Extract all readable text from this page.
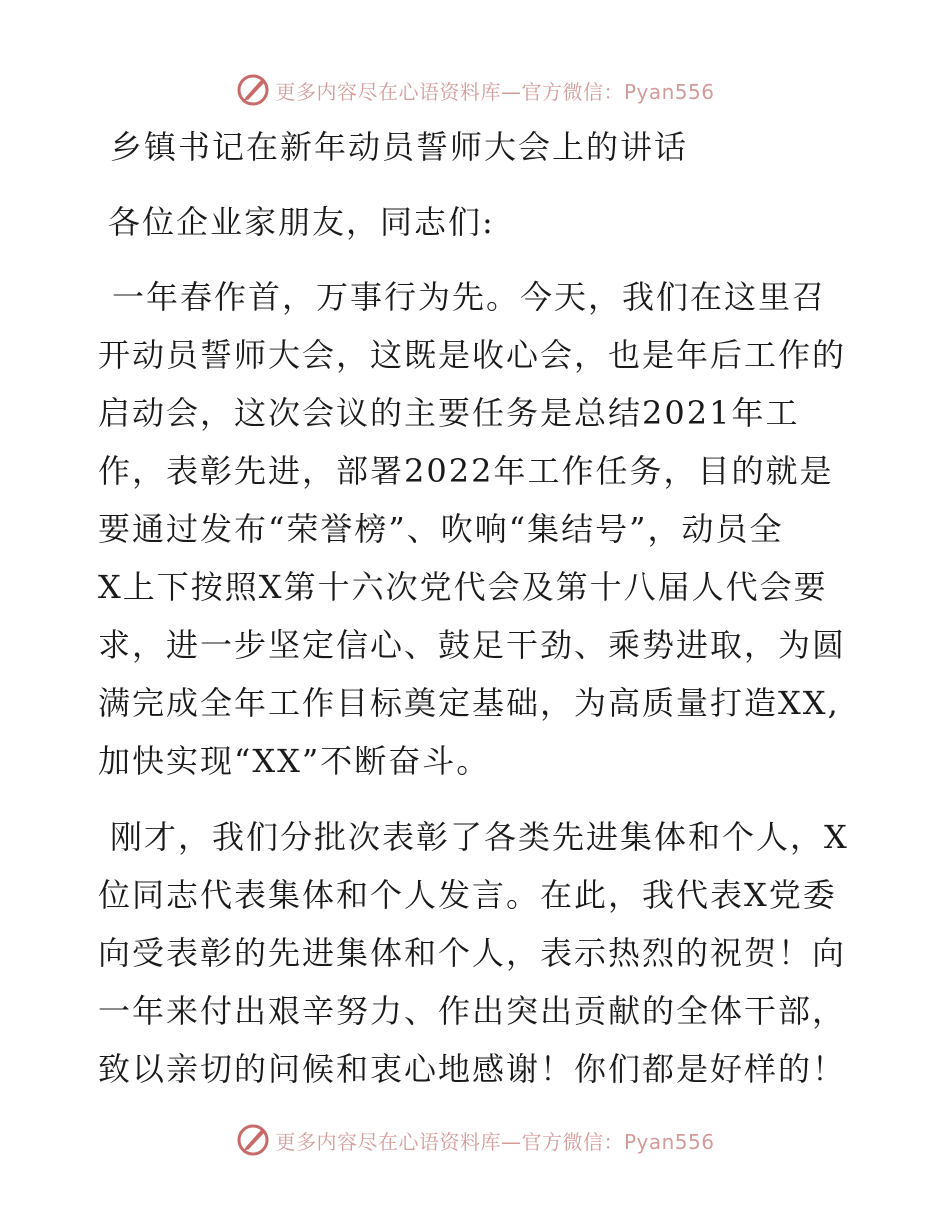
更多内容尽在心语资料库—官方微信：Pyan556
乡镇书记在新年动员誓师大会上的讲话
各位企业家朋友，同志们:
一年春作首，万事行为先。今天，我们在这里召
开动员誓师大会，这既是收心会，也是年后工作的
启动会，这次会议的主要任务是总结2021年工
作，表彰先进，部署2022年工作任务，目的就是
要通过发布“荣誉榜”、吹响“集结号”，动员全
X上下按照X第十六次党代会及第十八届人代会要
求，进一步坚定信心、鼓足干劲、乘势进取，为圆
满完成全年工作目标奠定基础，为高质量打造XX,
加快实现“XX”不断奋斗。
刚才，我们分批次表彰了各类先进集体和个人，X
位同志代表集体和个人发言。在此，我代表X党委
向受表彰的先进集体和个人，表示热烈的祝贺！向
一年来付出艰辛努力、作出突出贡献的全体干部，
致以亲切的问候和衷心地感谢！你们都是好样的！
更多内容尽在心语资料库—官方微信：Pyan556
